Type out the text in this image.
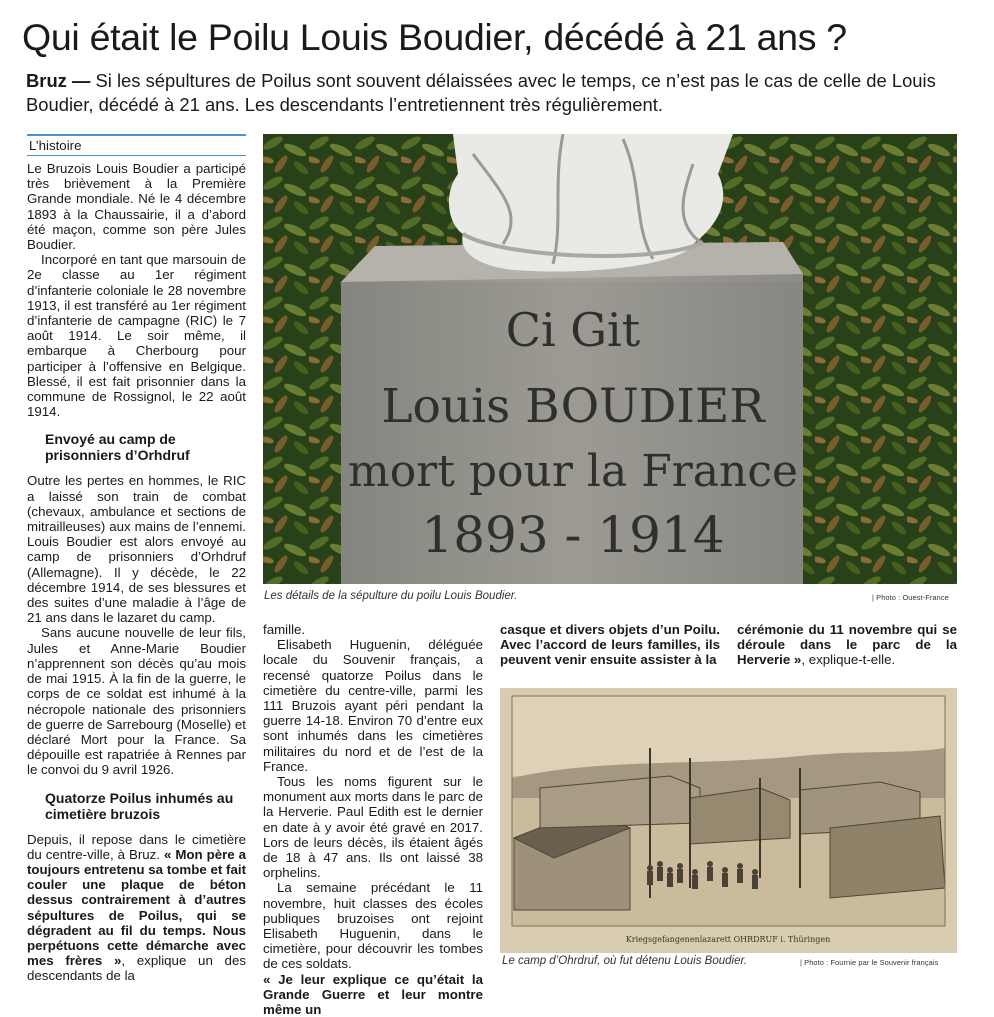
Qui était le Poilu Louis Boudier, décédé à 21 ans ?

Bruz — Si les sépultures de Poilus sont souvent délaissées avec le temps, ce n’est pas le cas de celle de Louis Boudier, décédé à 21 ans. Les descendants l’entretiennent très régulièrement.

L’histoire

Le Bruzois Louis Boudier a participé très brièvement à la Première Grande mondiale. Né le 4 décembre 1893 à la Chaussairie, il a d’abord été maçon, comme son père Jules Boudier.

Incorporé en tant que marsouin de 2e classe au 1er régiment d’infanterie coloniale le 28 novembre 1913, il est transféré au 1er régiment d’infanterie de campagne (RIC) le 7 août 1914. Le soir même, il embarque à Cherbourg pour participer à l’offensive en Belgique. Blessé, il est fait prisonnier dans la commune de Rossignol, le 22 août 1914.

Envoyé au camp de prisonniers d’Orhdruf

Outre les pertes en hommes, le RIC a laissé son train de combat (chevaux, ambulance et sections de mitrailleuses) aux mains de l’ennemi. Louis Boudier est alors envoyé au camp de prisonniers d’Orhdruf (Allemagne). Il y décède, le 22 décembre 1914, de ses blessures et des suites d’une maladie à l’âge de 21 ans dans le lazaret du camp.

Sans aucune nouvelle de leur fils, Jules et Anne-Marie Boudier n’apprennent son décès qu’au mois de mai 1915. À la fin de la guerre, le corps de ce soldat est inhumé à la nécropole nationale des prisonniers de guerre de Sarrebourg (Moselle) et déclaré Mort pour la France. Sa dépouille est rapatriée à Rennes par le convoi du 9 avril 1926.

Quatorze Poilus inhumés au cimetière bruzois

Depuis, il repose dans le cimetière du centre-ville, à Bruz. « Mon père a toujours entretenu sa tombe et fait couler une plaque de béton dessus contrairement à d’autres sépultures de Poilus, qui se dégradent au fil du temps. Nous perpétuons cette démarche avec mes frères », explique un des descendants de la

Ci Git
Louis BOUDIER
mort pour la France
1893 - 1914
Les détails de la sépulture du poilu Louis Boudier.	| Photo : Ouest-France

famille.

Elisabeth Huguenin, déléguée locale du Souvenir français, a recensé quatorze Poilus dans le cimetière du centre-ville, parmi les 111 Bruzois ayant péri pendant la guerre 14-18. Environ 70 d’entre eux sont inhumés dans les cimetières militaires du nord et de l’est de la France.

Tous les noms figurent sur le monument aux morts dans le parc de la Herverie. Paul Edith est le dernier en date à y avoir été gravé en 2017. Lors de leurs décès, ils étaient âgés de 18 à 47 ans. Ils ont laissé 38 orphelins.

La semaine précédant le 11 novembre, huit classes des écoles publiques bruzoises ont rejoint Elisabeth Huguenin, dans le cimetière, pour découvrir les tombes de ces soldats.

« Je leur explique ce qu’était la Grande Guerre et leur montre même un

casque et divers objets d’un Poilu. Avec l’accord de leurs familles, ils peuvent venir ensuite assister à la

cérémonie du 11 novembre qui se déroule dans le parc de la Herverie », explique-t-elle.

Kriegsgefangenenlazarett OHRDRUF i. Thüringen
Le camp d’Ohrdruf, où fut détenu Louis Boudier.	| Photo : Fournie par le Souvenir français
